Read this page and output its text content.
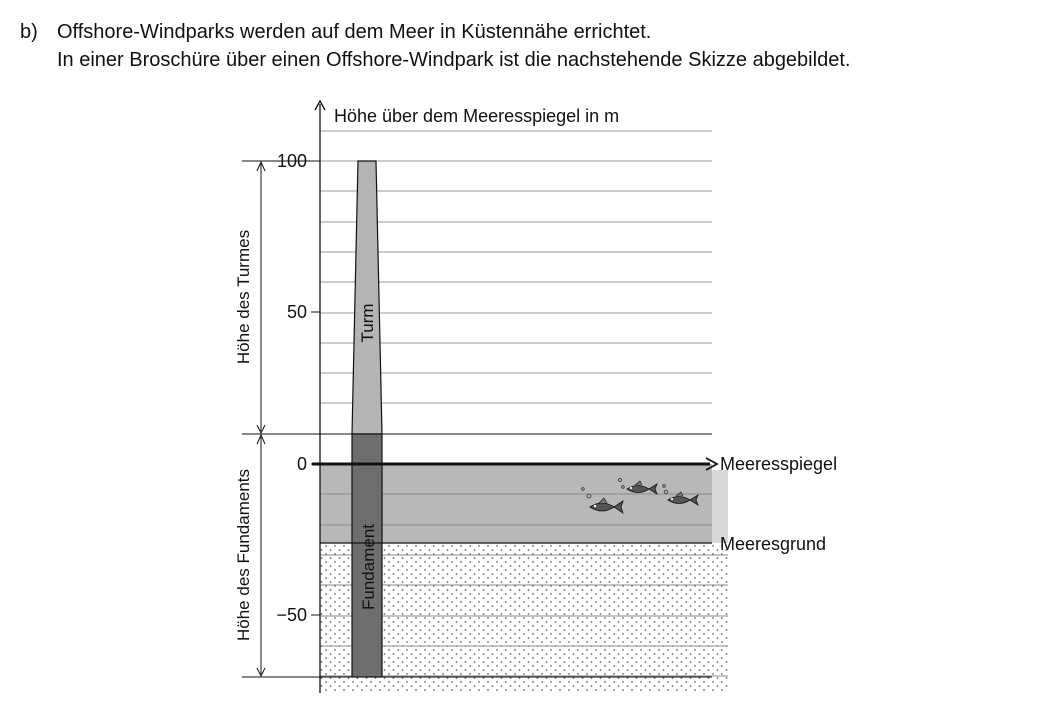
b) Offshore-Windparks werden auf dem Meer in Küstennähe errichtet.
In einer Broschüre über einen Offshore-Windpark ist die nachstehende Skizze abgebildet.
Höhe über dem Meeresspiegel in m
100
50
0
−50
Meeresspiegel
Meeresgrund
Höhe des Turmes
Höhe des Fundaments
Turm
Fundament
